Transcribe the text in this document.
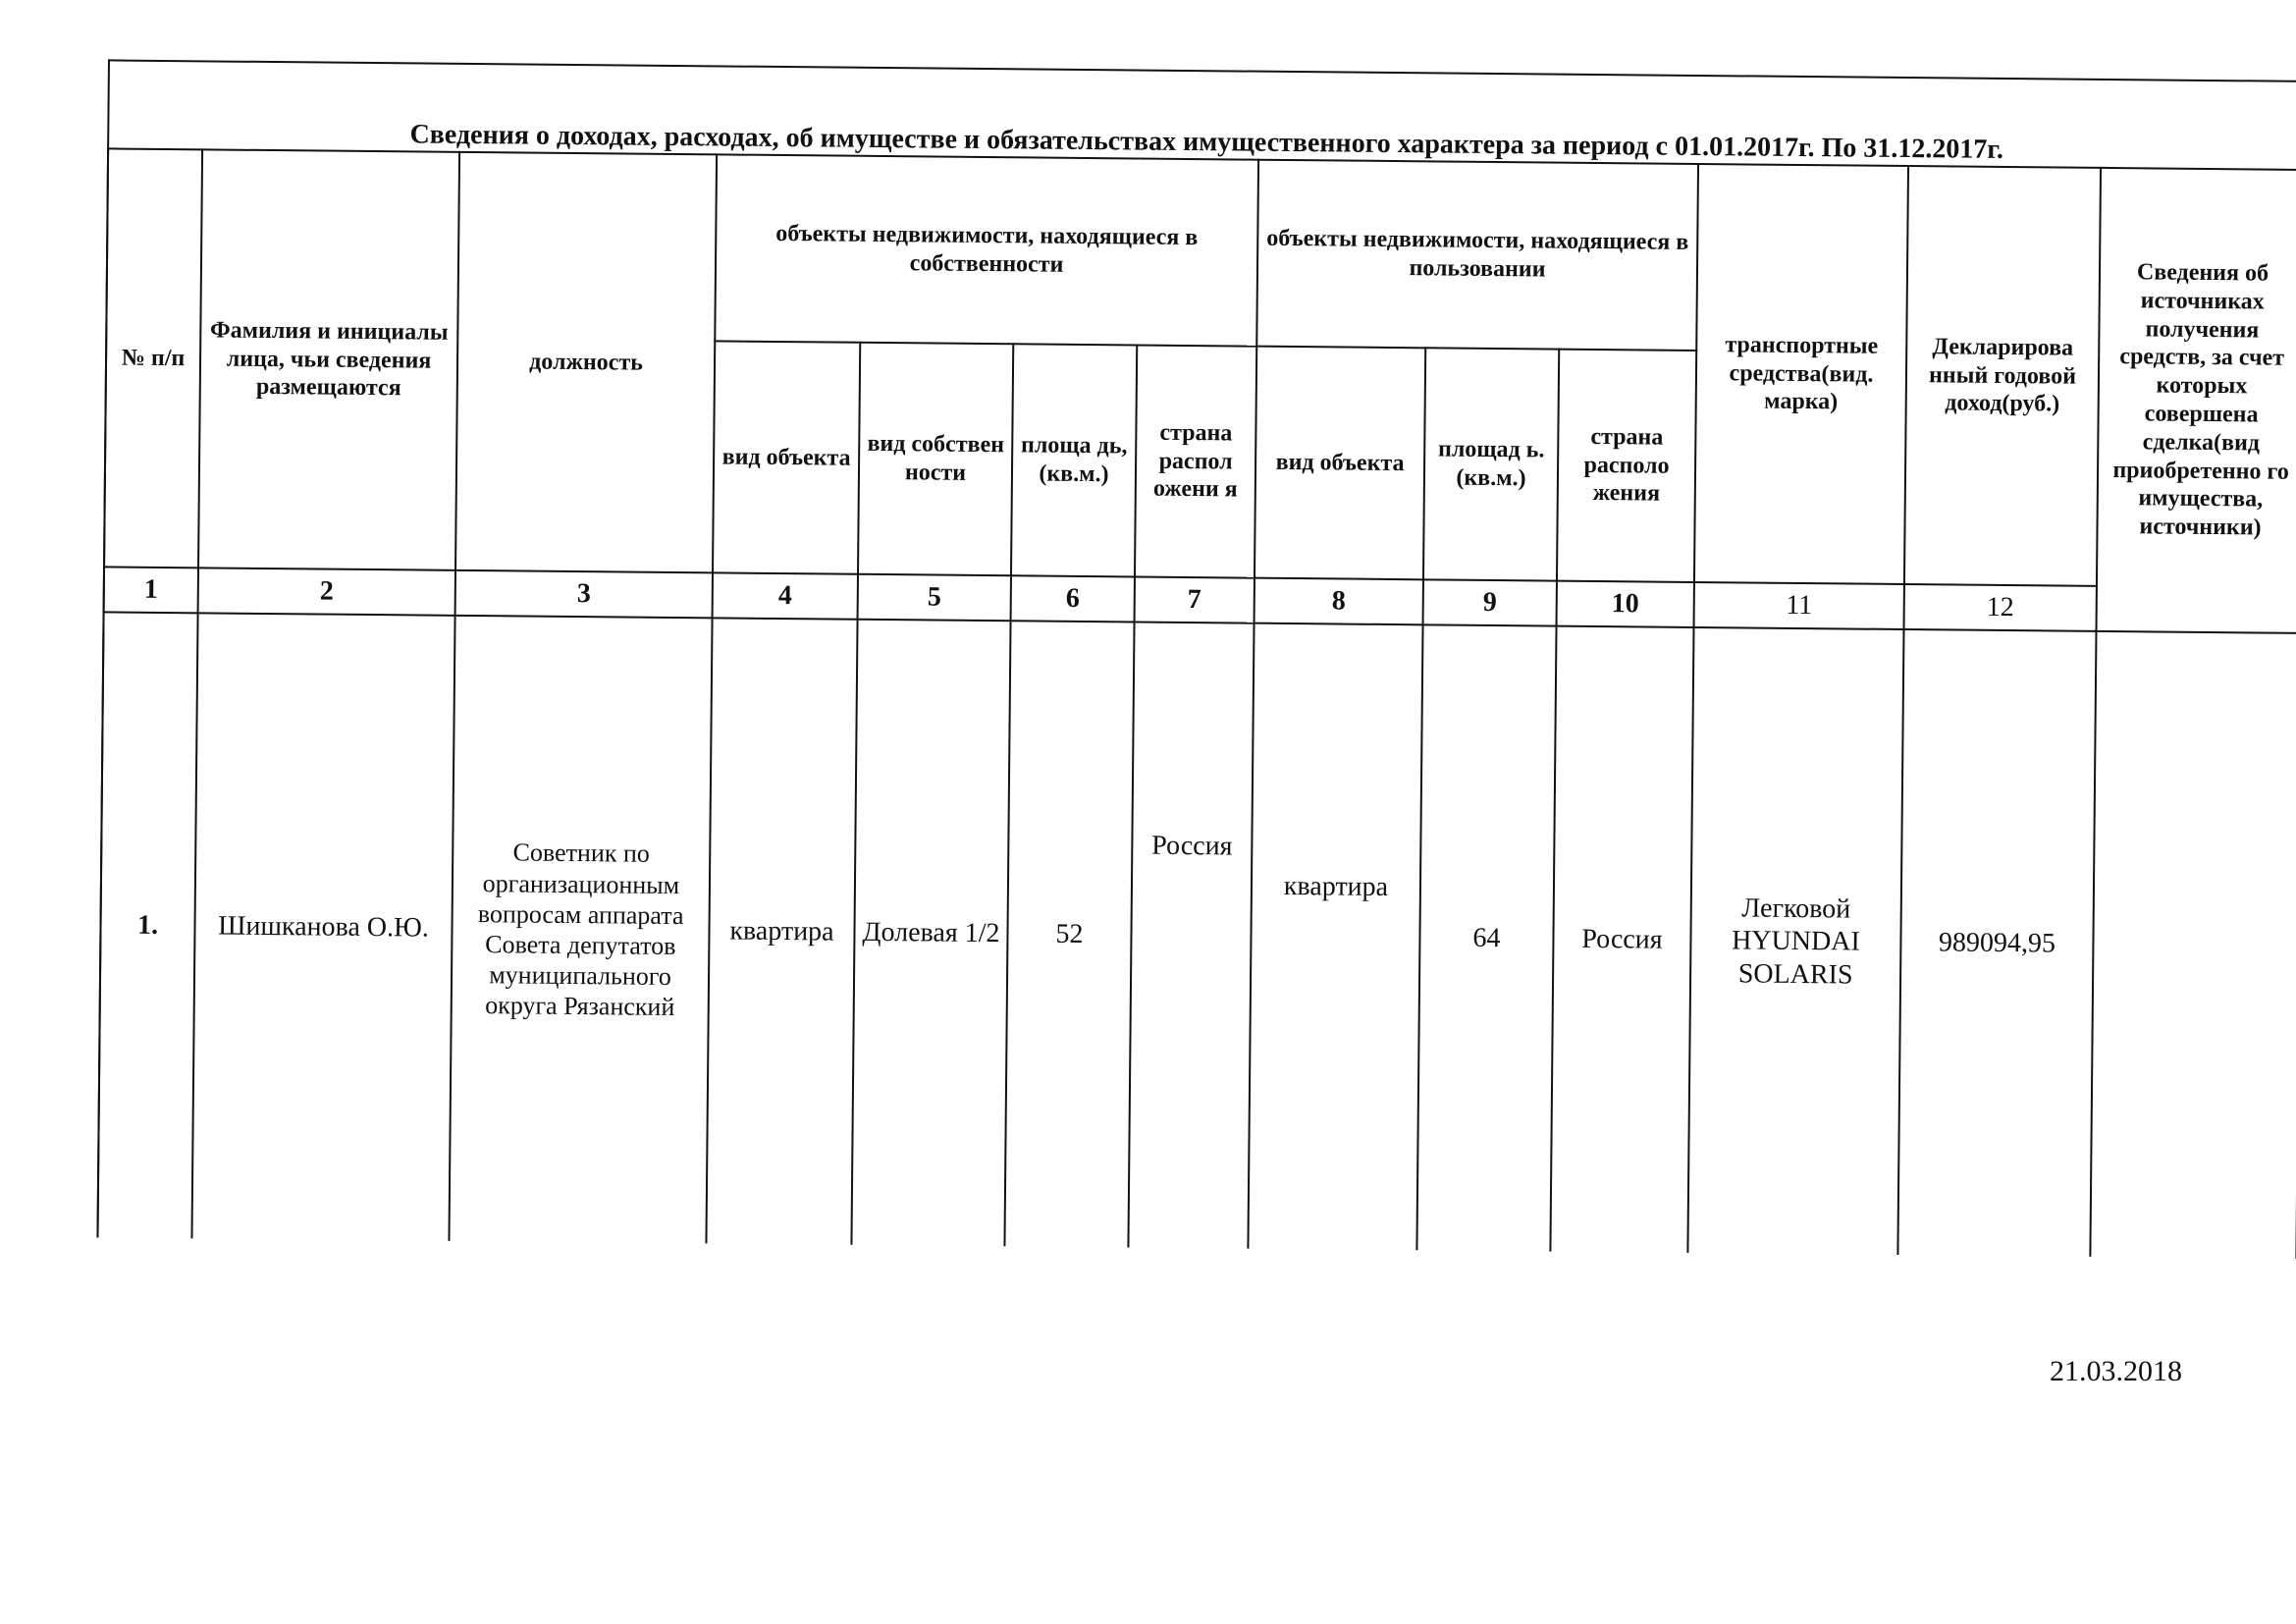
Сведения о доходах, расходах, об имуществе и обязательствах имущественного характера за период с 01.01.2017г. По 31.12.2017г.
№ п/п	Фамилия и инициалы лица, чьи сведения размещаются	должность	объекты недвижимости, находящиеся в собственности				объекты недвижимости, находящиеся в пользовании			транспортные средства(вид. марка)	Декларирова нный годовой доход(руб.)	Сведения об источниках получения средств, за счет которых совершена сделка(вид приобретенно го имущества, источники)
			вид объекта	вид собствен ности	площа дь, (кв.м.)	страна распол ожени я	вид объекта	площад ь. (кв.м.)	страна располо жения			
1	2	3	4	5	6	7	8	9	10	11	12	
1.	Шишканова О.Ю.	Советник по организационным вопросам аппарата Совета депутатов муниципального округа Рязанский	квартира	Долевая 1/2	52	Россия	квартира	64	Россия	Легковой HYUNDAI SOLARIS	989094,95	
21.03.2018
